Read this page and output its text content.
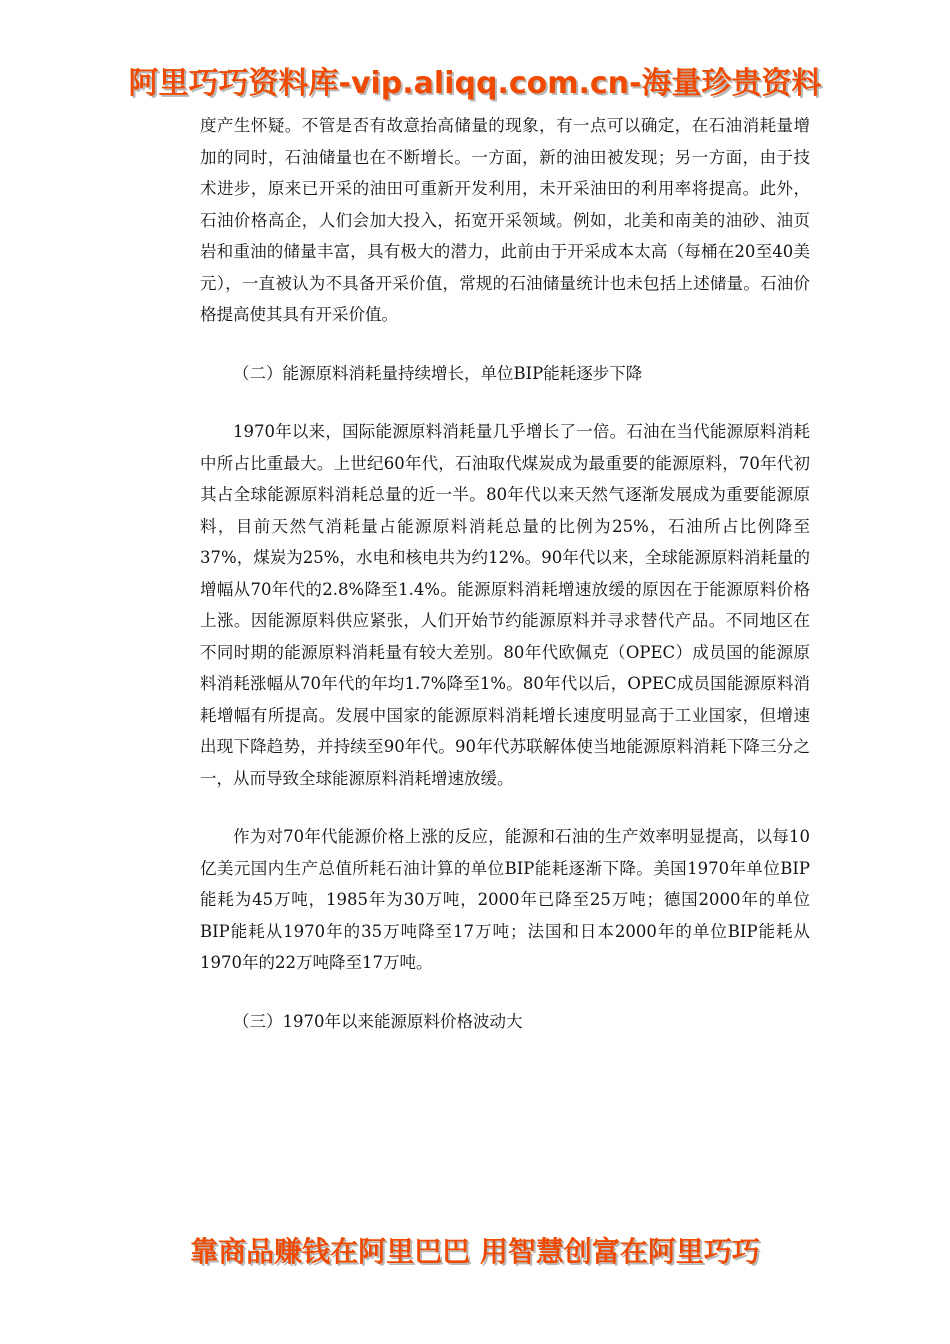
阿里巧巧资料库-vip.aliqq.com.cn-海量珍贵资料

度产生怀疑。不管是否有故意抬高储量的现象，有一点可以确定，在石油消耗量增加的同时，石油储量也在不断增长。一方面，新的油田被发现；另一方面，由于技术进步，原来已开采的油田可重新开发利用，未开采油田的利用率将提高。此外，石油价格高企，人们会加大投入，拓宽开采领域。例如，北美和南美的油砂、油页岩和重油的储量丰富，具有极大的潜力，此前由于开采成本太高（每桶在20至40美元），一直被认为不具备开采价值，常规的石油储量统计也未包括上述储量。石油价格提高使其具有开采价值。

（二）能源原料消耗量持续增长，单位BIP能耗逐步下降

1970年以来，国际能源原料消耗量几乎增长了一倍。石油在当代能源原料消耗中所占比重最大。上世纪60年代，石油取代煤炭成为最重要的能源原料，70年代初其占全球能源原料消耗总量的近一半。80年代以来天然气逐渐发展成为重要能源原料，目前天然气消耗量占能源原料消耗总量的比例为25%，石油所占比例降至37%，煤炭为25%，水电和核电共为约12%。90年代以来，全球能源原料消耗量的增幅从70年代的2.8%降至1.4%。能源原料消耗增速放缓的原因在于能源原料价格上涨。因能源原料供应紧张，人们开始节约能源原料并寻求替代产品。不同地区在不同时期的能源原料消耗量有较大差别。80年代欧佩克（OPEC）成员国的能源原料消耗涨幅从70年代的年均1.7%降至1%。80年代以后，OPEC成员国能源原料消耗增幅有所提高。发展中国家的能源原料消耗增长速度明显高于工业国家，但增速出现下降趋势，并持续至90年代。90年代苏联解体使当地能源原料消耗下降三分之一，从而导致全球能源原料消耗增速放缓。

作为对70年代能源价格上涨的反应，能源和石油的生产效率明显提高，以每10亿美元国内生产总值所耗石油计算的单位BIP能耗逐渐下降。美国1970年单位BIP能耗为45万吨，1985年为30万吨，2000年已降至25万吨；德国2000年的单位BIP能耗从1970年的35万吨降至17万吨；法国和日本2000年的单位BIP能耗从1970年的22万吨降至17万吨。

（三）1970年以来能源原料价格波动大

靠商品赚钱在阿里巴巴 用智慧创富在阿里巧巧
